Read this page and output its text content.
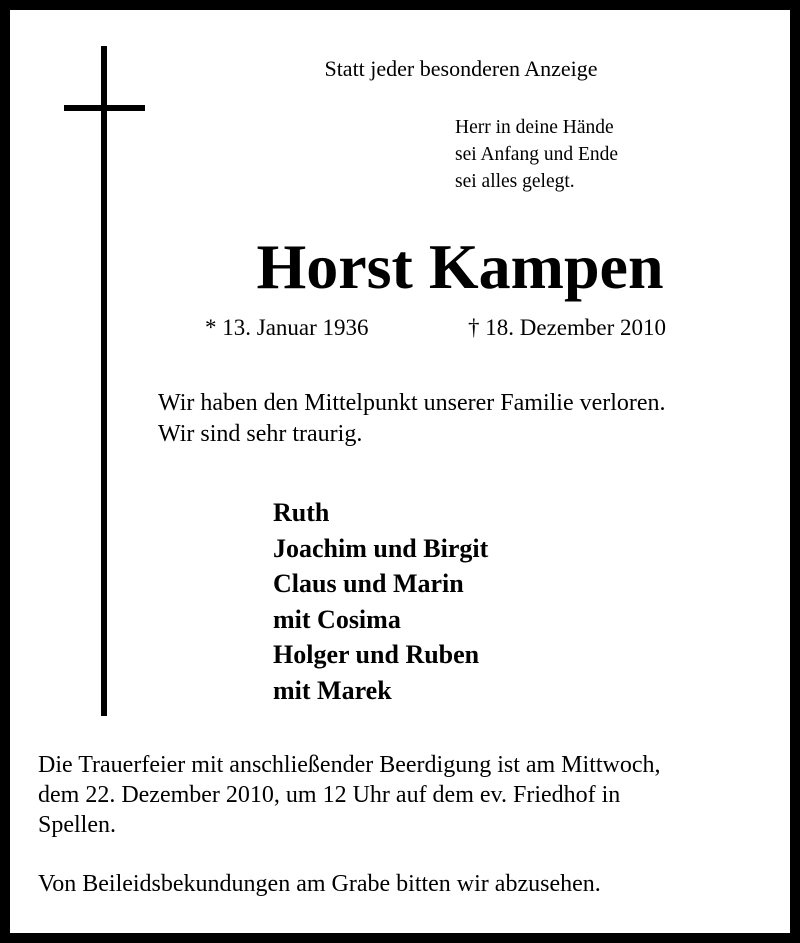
Statt jeder besonderen Anzeige
Herr in deine Hände
sei Anfang und Ende
sei alles gelegt.
Horst Kampen
* 13. Januar 1936	† 18. Dezember 2010
Wir haben den Mittelpunkt unserer Familie verloren.
Wir sind sehr traurig.
Ruth
Joachim und Birgit
Claus und Marin
mit Cosima
Holger und Ruben
mit Marek
Die Trauerfeier mit anschließender Beerdigung ist am Mittwoch,
dem 22. Dezember 2010, um 12 Uhr auf dem ev. Friedhof in
Spellen.
Von Beileidsbekundungen am Grabe bitten wir abzusehen.
